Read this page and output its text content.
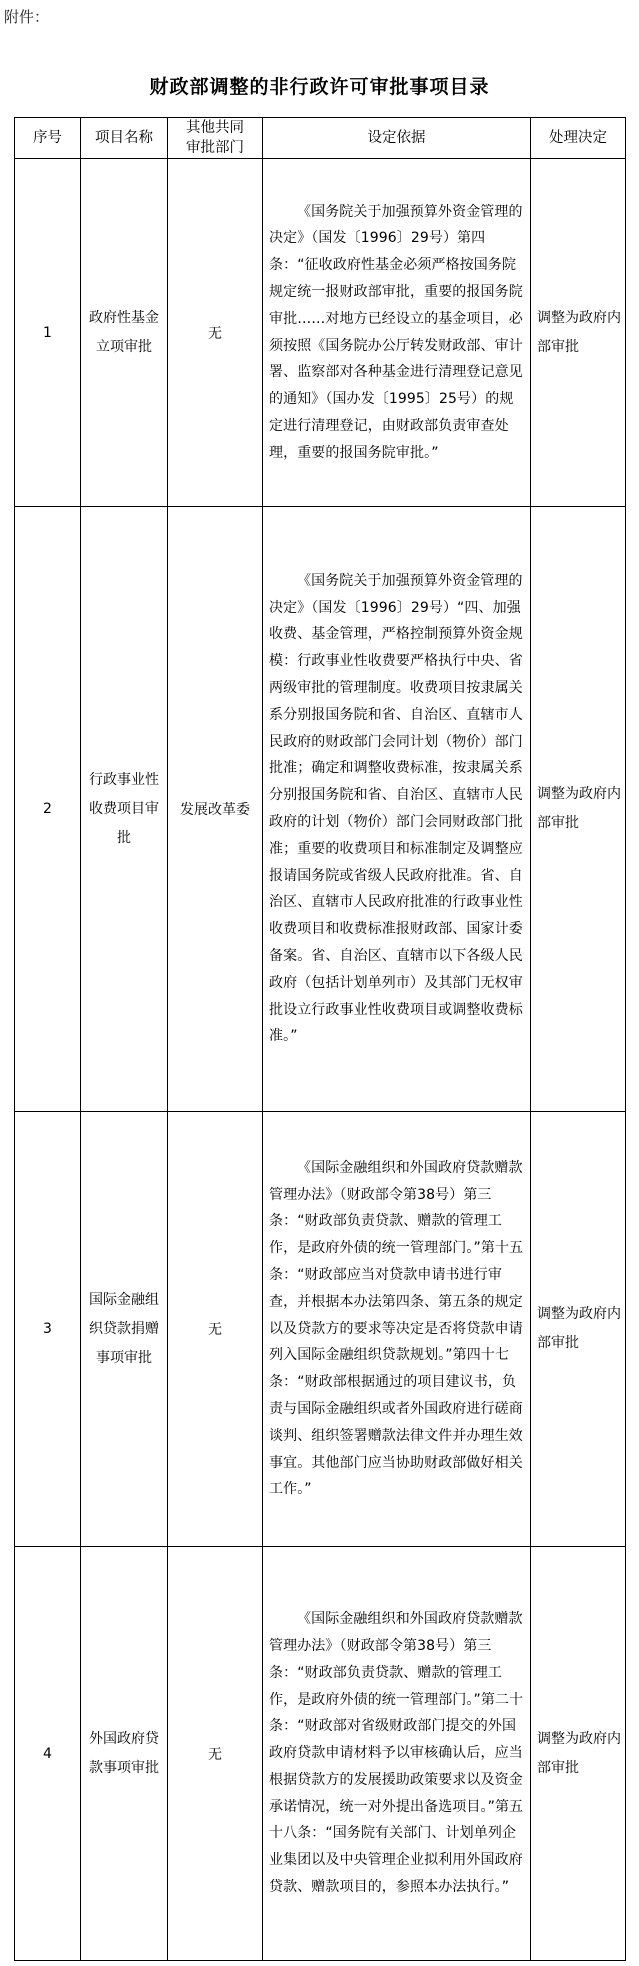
附件：
财政部调整的非行政许可审批事项目录
序号	项目名称	其他共同审批部门	设定依据	处理决定
1	政府性基金立项审批	无	《国务院关于加强预算外资金管理的决定》（国发〔1996〕29号）第四条：“征收政府性基金必须严格按国务院规定统一报财政部审批，重要的报国务院审批……对地方已经设立的基金项目，必须按照《国务院办公厅转发财政部、审计署、监察部对各种基金进行清理登记意见的通知》（国办发〔1995〕25号）的规定进行清理登记，由财政部负责审查处理，重要的报国务院审批。”	调整为政府内部审批
2	行政事业性收费项目审批	发展改革委	《国务院关于加强预算外资金管理的决定》（国发〔1996〕29号）“四、加强收费、基金管理，严格控制预算外资金规模：行政事业性收费要严格执行中央、省两级审批的管理制度。收费项目按隶属关系分别报国务院和省、自治区、直辖市人民政府的财政部门会同计划（物价）部门批准；确定和调整收费标准，按隶属关系分别报国务院和省、自治区、直辖市人民政府的计划（物价）部门会同财政部门批准；重要的收费项目和标准制定及调整应报请国务院或省级人民政府批准。省、自治区、直辖市人民政府批准的行政事业性收费项目和收费标准报财政部、国家计委备案。省、自治区、直辖市以下各级人民政府（包括计划单列市）及其部门无权审批设立行政事业性收费项目或调整收费标准。”	调整为政府内部审批
3	国际金融组织贷款捐赠事项审批	无	《国际金融组织和外国政府贷款赠款管理办法》（财政部令第38号）第三条：“财政部负责贷款、赠款的管理工作，是政府外债的统一管理部门。”第十五条：“财政部应当对贷款申请书进行审查，并根据本办法第四条、第五条的规定以及贷款方的要求等决定是否将贷款申请列入国际金融组织贷款规划。”第四十七条：“财政部根据通过的项目建议书，负责与国际金融组织或者外国政府进行磋商谈判、组织签署赠款法律文件并办理生效事宜。其他部门应当协助财政部做好相关工作。”	调整为政府内部审批
4	外国政府贷款事项审批	无	《国际金融组织和外国政府贷款赠款管理办法》（财政部令第38号）第三条：“财政部负责贷款、赠款的管理工作，是政府外债的统一管理部门。”第二十条：“财政部对省级财政部门提交的外国政府贷款申请材料予以审核确认后，应当根据贷款方的发展援助政策要求以及资金承诺情况，统一对外提出备选项目。”第五十八条：“国务院有关部门、计划单列企业集团以及中央管理企业拟利用外国政府贷款、赠款项目的，参照本办法执行。”	调整为政府内部审批
